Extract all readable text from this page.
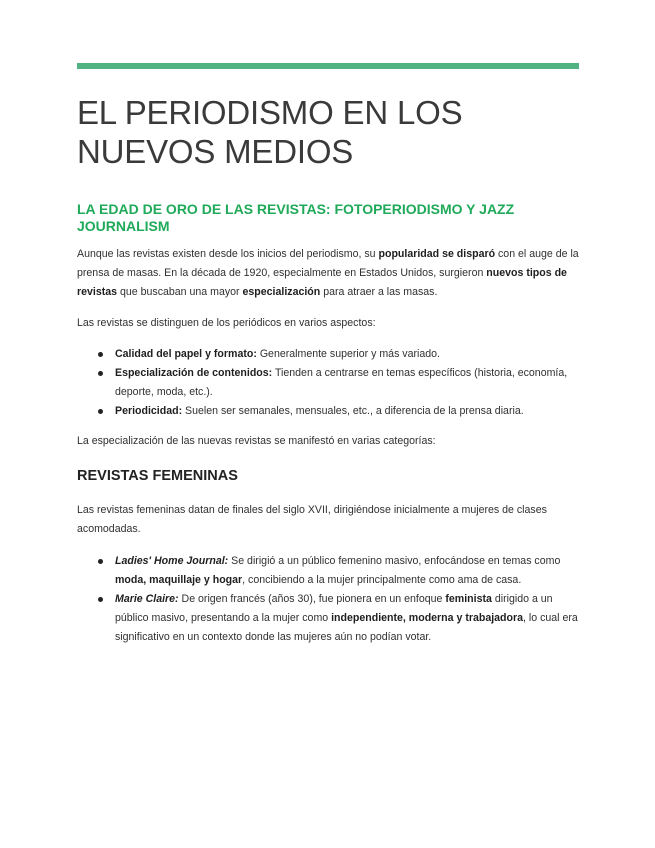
EL PERIODISMO EN LOS NUEVOS MEDIOS
LA EDAD DE ORO DE LAS REVISTAS: FOTOPERIODISMO Y JAZZ JOURNALISM
Aunque las revistas existen desde los inicios del periodismo, su popularidad se disparó con el auge de la prensa de masas. En la década de 1920, especialmente en Estados Unidos, surgieron nuevos tipos de revistas que buscaban una mayor especialización para atraer a las masas.
Las revistas se distinguen de los periódicos en varios aspectos:
Calidad del papel y formato: Generalmente superior y más variado.
Especialización de contenidos: Tienden a centrarse en temas específicos (historia, economía, deporte, moda, etc.).
Periodicidad: Suelen ser semanales, mensuales, etc., a diferencia de la prensa diaria.
La especialización de las nuevas revistas se manifestó en varias categorías:
REVISTAS FEMENINAS
Las revistas femeninas datan de finales del siglo XVII, dirigiéndose inicialmente a mujeres de clases acomodadas.
Ladies' Home Journal: Se dirigió a un público femenino masivo, enfocándose en temas como moda, maquillaje y hogar, concibiendo a la mujer principalmente como ama de casa.
Marie Claire: De origen francés (años 30), fue pionera en un enfoque feminista dirigido a un público masivo, presentando a la mujer como independiente, moderna y trabajadora, lo cual era significativo en un contexto donde las mujeres aún no podían votar.
